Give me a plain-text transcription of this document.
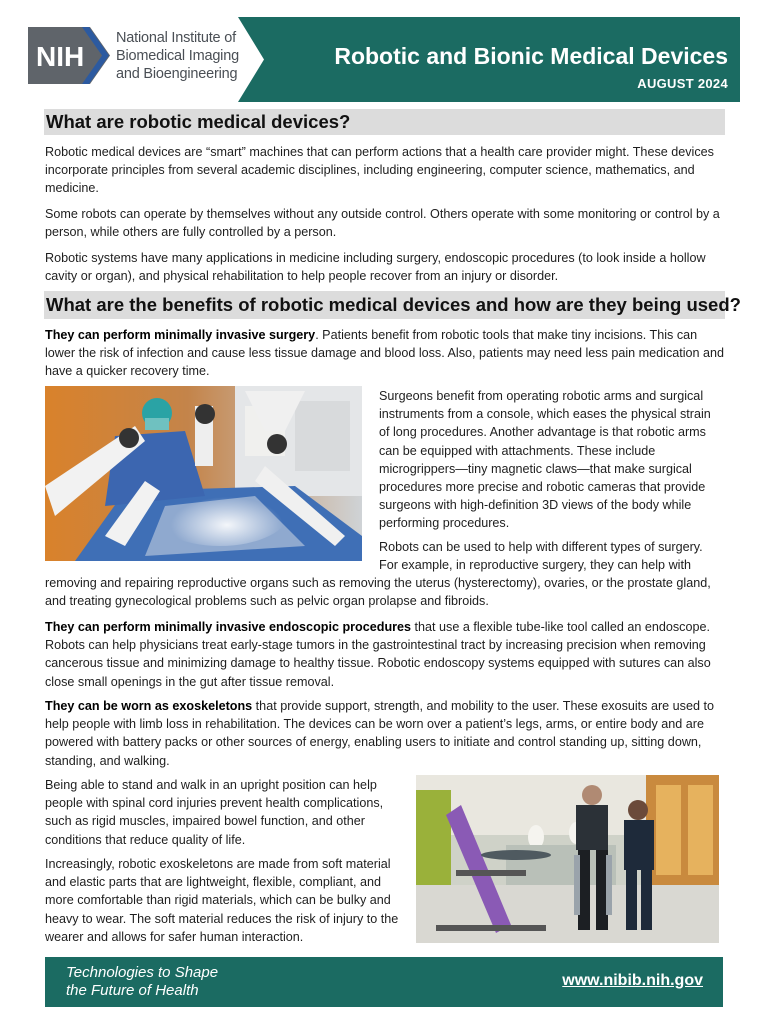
NIH
National Institute of
Biomedical Imaging
and Bioengineering
Robotic and Bionic Medical Devices
AUGUST 2024
What are robotic medical devices?
Robotic medical devices are “smart” machines that can perform actions that a health care provider might. These devices incorporate principles from several academic disciplines, including engineering, computer science, mathematics, and medicine.
Some robots can operate by themselves without any outside control. Others operate with some monitoring or control by a person, while others are fully controlled by a person.
Robotic systems have many applications in medicine including surgery, endoscopic procedures (to look inside a hollow cavity or organ), and physical rehabilitation to help people recover from an injury or disorder.
What are the benefits of robotic medical devices and how are they being used?
They can perform minimally invasive surgery. Patients benefit from robotic tools that make tiny incisions. This can lower the risk of infection and cause less tissue damage and blood loss. Also, patients may need less pain medication and have a quicker recovery time.
Surgeons benefit from operating robotic arms and surgical instruments from a console, which eases the physical strain of long procedures. Another advantage is that robotic arms can be equipped with attachments. These include microgrippers—tiny magnetic claws—that make surgical procedures more precise and robotic cameras that provide surgeons with high-definition 3D views of the body while performing procedures.
Robots can be used to help with different types of surgery. For example, in reproductive surgery, they can help with
removing and repairing reproductive organs such as removing the uterus (hysterectomy), ovaries, or the prostate gland, and treating gynecological problems such as pelvic organ prolapse and fibroids.
They can perform minimally invasive endoscopic procedures that use a flexible tube-like tool called an endoscope. Robots can help physicians treat early-stage tumors in the gastrointestinal tract by increasing precision when removing cancerous tissue and minimizing damage to healthy tissue. Robotic endoscopy systems equipped with sutures can also close small openings in the gut after tissue removal.
They can be worn as exoskeletons that provide support, strength, and mobility to the user. These exosuits are used to help people with limb loss in rehabilitation. The devices can be worn over a patient’s legs, arms, or entire body and are powered with battery packs or other sources of energy, enabling users to initiate and control standing up, sitting down, standing, and walking.
Being able to stand and walk in an upright position can help people with spinal cord injuries prevent health complications, such as rigid muscles, impaired bowel function, and other conditions that reduce quality of life.
Increasingly, robotic exoskeletons are made from soft material and elastic parts that are lightweight, flexible, compliant, and more comfortable than rigid materials, which can be bulky and heavy to wear. The soft material reduces the risk of injury to the wearer and allows for safer human interaction.
Technologies to Shape
the Future of Health
www.nibib.nih.gov
